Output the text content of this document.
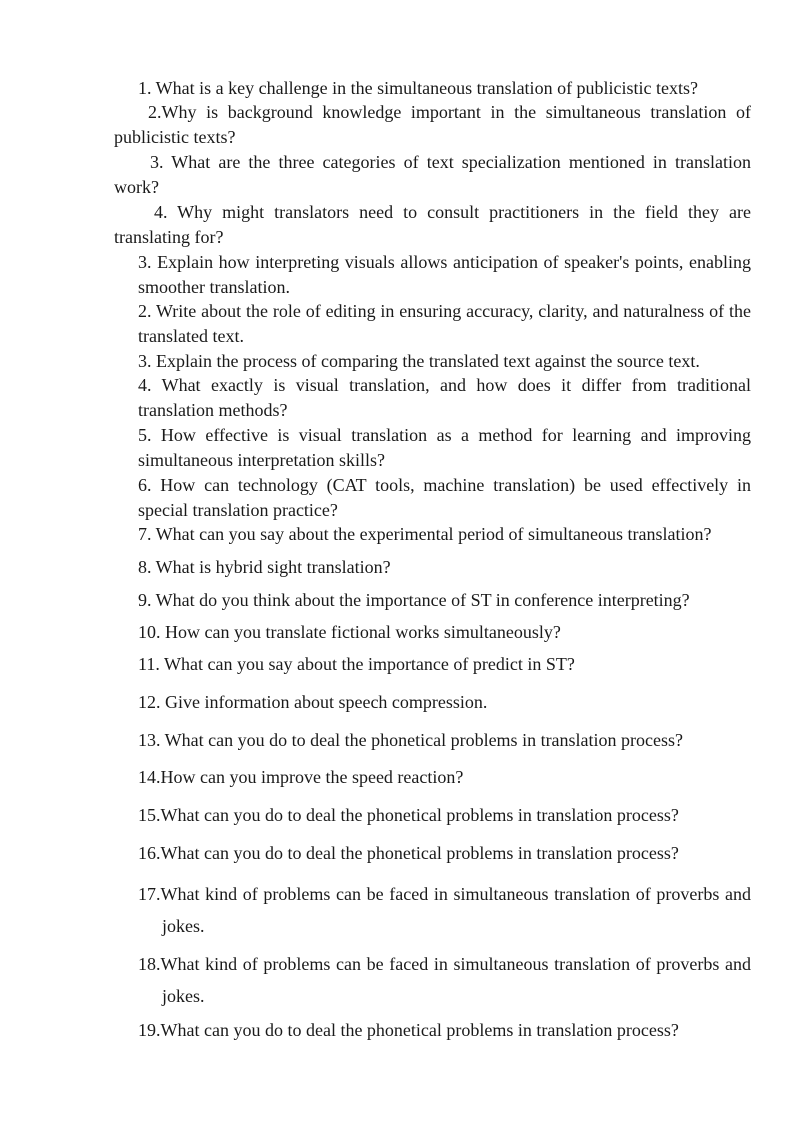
1. What is a key challenge in the simultaneous translation of publicistic texts?

2.Why is background knowledge important in the simultaneous translation of publicistic texts?

3. What are the three categories of text specialization mentioned in translation work?

4. Why might translators need to consult practitioners in the field they are translating for?

3. Explain how interpreting visuals allows anticipation of speaker's points, enabling smoother translation.

2. Write about the role of editing in ensuring accuracy, clarity, and naturalness of the translated text.

3. Explain the process of comparing the translated text against the source text.

4. What exactly is visual translation, and how does it differ from traditional translation methods?

5. How effective is visual translation as a method for learning and improving simultaneous interpretation skills?

6. How can technology (CAT tools, machine translation) be used effectively in special translation practice?

7. What can you say about the experimental period of simultaneous translation?

8. What is hybrid sight translation?

9. What do you think about the importance of ST in conference interpreting?

10. How can you translate fictional works simultaneously?

11. What can you say about the importance of predict in ST?

12. Give information about speech compression.

13. What can you do to deal the phonetical problems in translation process?

14.How can you improve the speed reaction?

15.What can you do to deal the phonetical problems in translation process?

16.What can you do to deal the phonetical problems in translation process?

17.What kind of problems can be faced in simultaneous translation of proverbs and jokes.

18.What kind of problems can be faced in simultaneous translation of proverbs and jokes.

19.What can you do to deal the phonetical problems in translation process?
